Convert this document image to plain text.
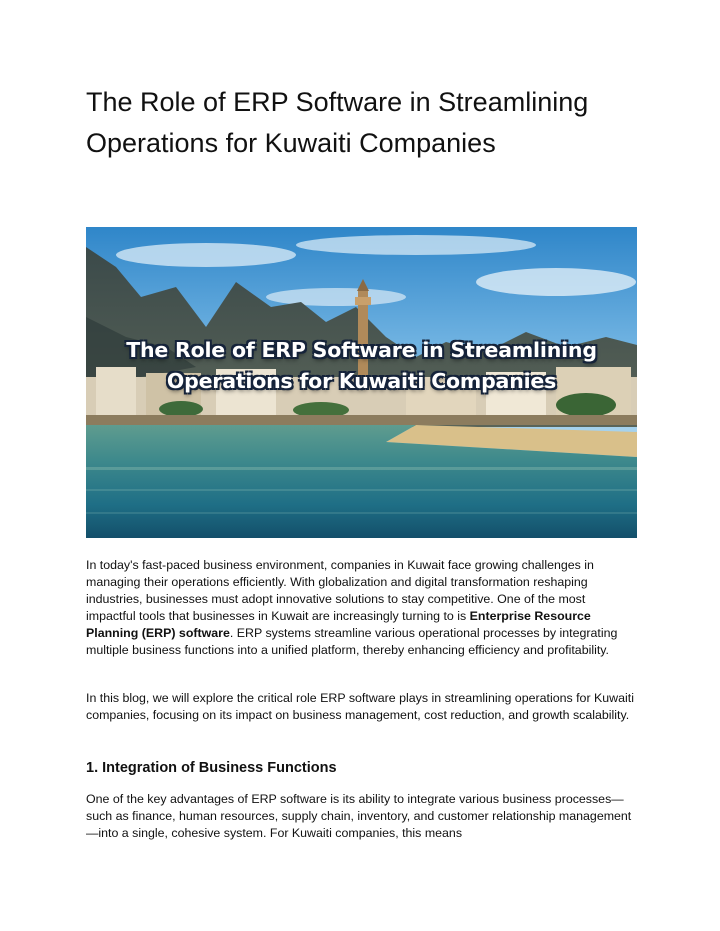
The Role of ERP Software in Streamlining Operations for Kuwaiti Companies
The Role of ERP Software in Streamlining
Operations for Kuwaiti Companies

In today's fast-paced business environment, companies in Kuwait face growing challenges in managing their operations efficiently. With globalization and digital transformation reshaping industries, businesses must adopt innovative solutions to stay competitive. One of the most impactful tools that businesses in Kuwait are increasingly turning to is Enterprise Resource Planning (ERP) software. ERP systems streamline various operational processes by integrating multiple business functions into a unified platform, thereby enhancing efficiency and profitability.

In this blog, we will explore the critical role ERP software plays in streamlining operations for Kuwaiti companies, focusing on its impact on business management, cost reduction, and growth scalability.

1. Integration of Business Functions

One of the key advantages of ERP software is its ability to integrate various business processes—such as finance, human resources, supply chain, inventory, and customer relationship management—into a single, cohesive system. For Kuwaiti companies, this means
